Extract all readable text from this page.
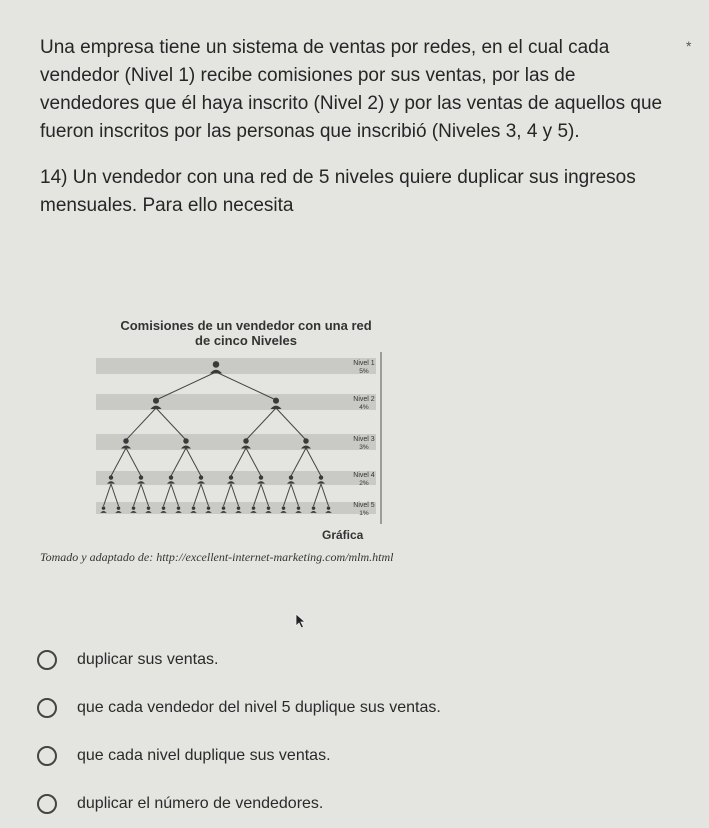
Una empresa tiene un sistema de ventas por redes, en el cual cada

vendedor (Nivel 1) recibe comisiones por sus ventas, por las de

vendedores que él haya inscrito (Nivel 2) y por las ventas de aquellos que

fueron inscritos por las personas que inscribió (Niveles 3, 4 y 5).

*

14) Un vendedor con una red de 5 niveles quiere duplicar sus ingresos

mensuales. Para ello necesita

Comisiones de un vendedor con una red
de cinco Niveles
Nivel 1
5%
Nivel 2
4%
Nivel 3
3%
Nivel 4
2%
Nivel 5
1%
Gráfica
Tomado y adaptado de: http://excellent-internet-marketing.com/mlm.html
duplicar sus ventas.
que cada vendedor del nivel 5 duplique sus ventas.
que cada nivel duplique sus ventas.
duplicar el número de vendedores.
